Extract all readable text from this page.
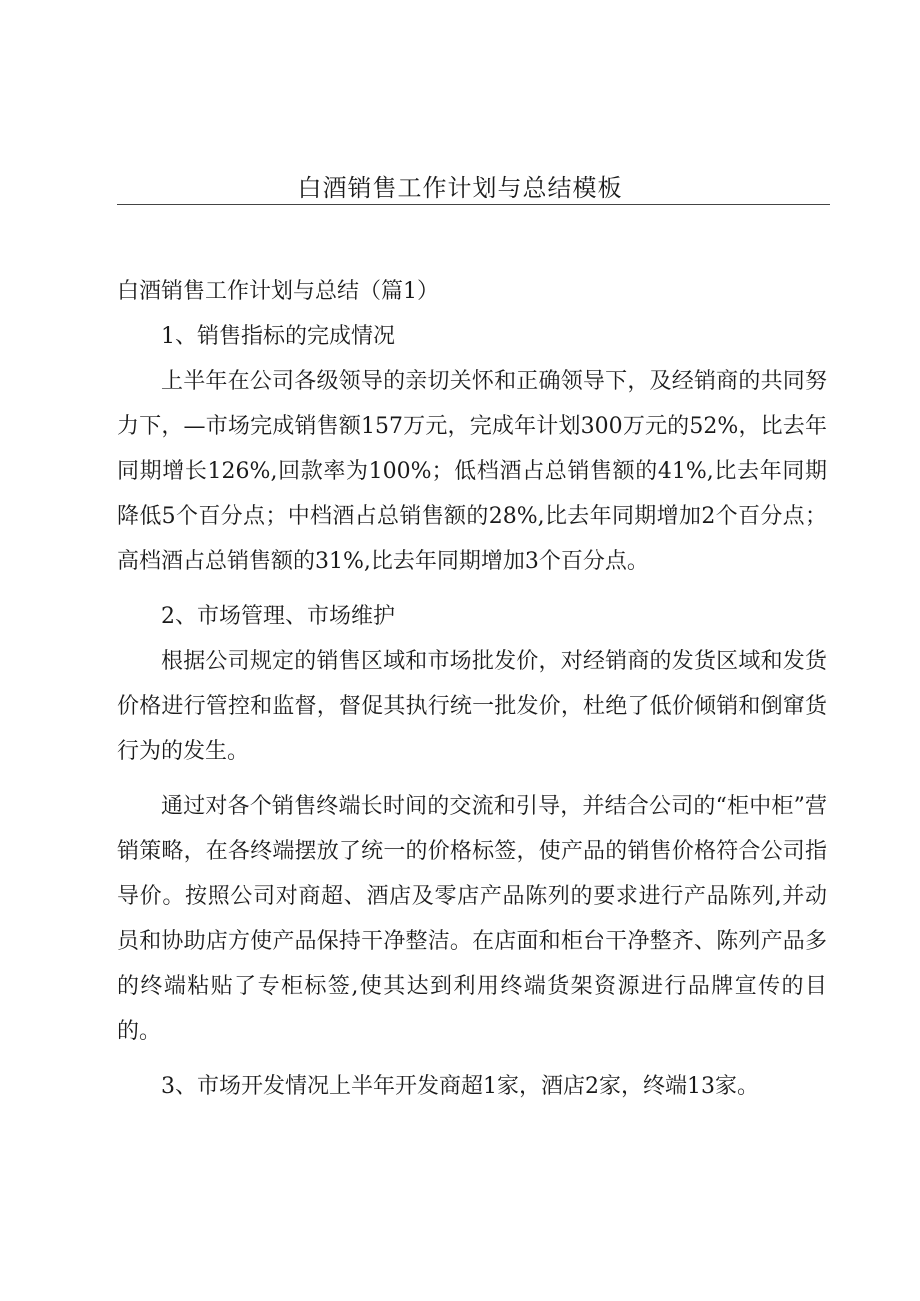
白酒销售工作计划与总结模板

白酒销售工作计划与总结（篇1）

1、销售指标的完成情况

上半年在公司各级领导的亲切关怀和正确领导下，及经销商的共同努力下，—市场完成销售额157万元，完成年计划300万元的52%，比去年同期增长126%,回款率为100%；低档酒占总销售额的41%,比去年同期降低5个百分点；中档酒占总销售额的28%,比去年同期增加2个百分点；高档酒占总销售额的31%,比去年同期增加3个百分点。

2、市场管理、市场维护

根据公司规定的销售区域和市场批发价，对经销商的发货区域和发货价格进行管控和监督，督促其执行统一批发价，杜绝了低价倾销和倒窜货行为的发生。

通过对各个销售终端长时间的交流和引导，并结合公司的“柜中柜”营销策略，在各终端摆放了统一的价格标签，使产品的销售价格符合公司指导价。按照公司对商超、酒店及零店产品陈列的要求进行产品陈列,并动员和协助店方使产品保持干净整洁。在店面和柜台干净整齐、陈列产品多的终端粘贴了专柜标签,使其达到利用终端货架资源进行品牌宣传的目的。

3、市场开发情况上半年开发商超1家，酒店2家，终端13家。
